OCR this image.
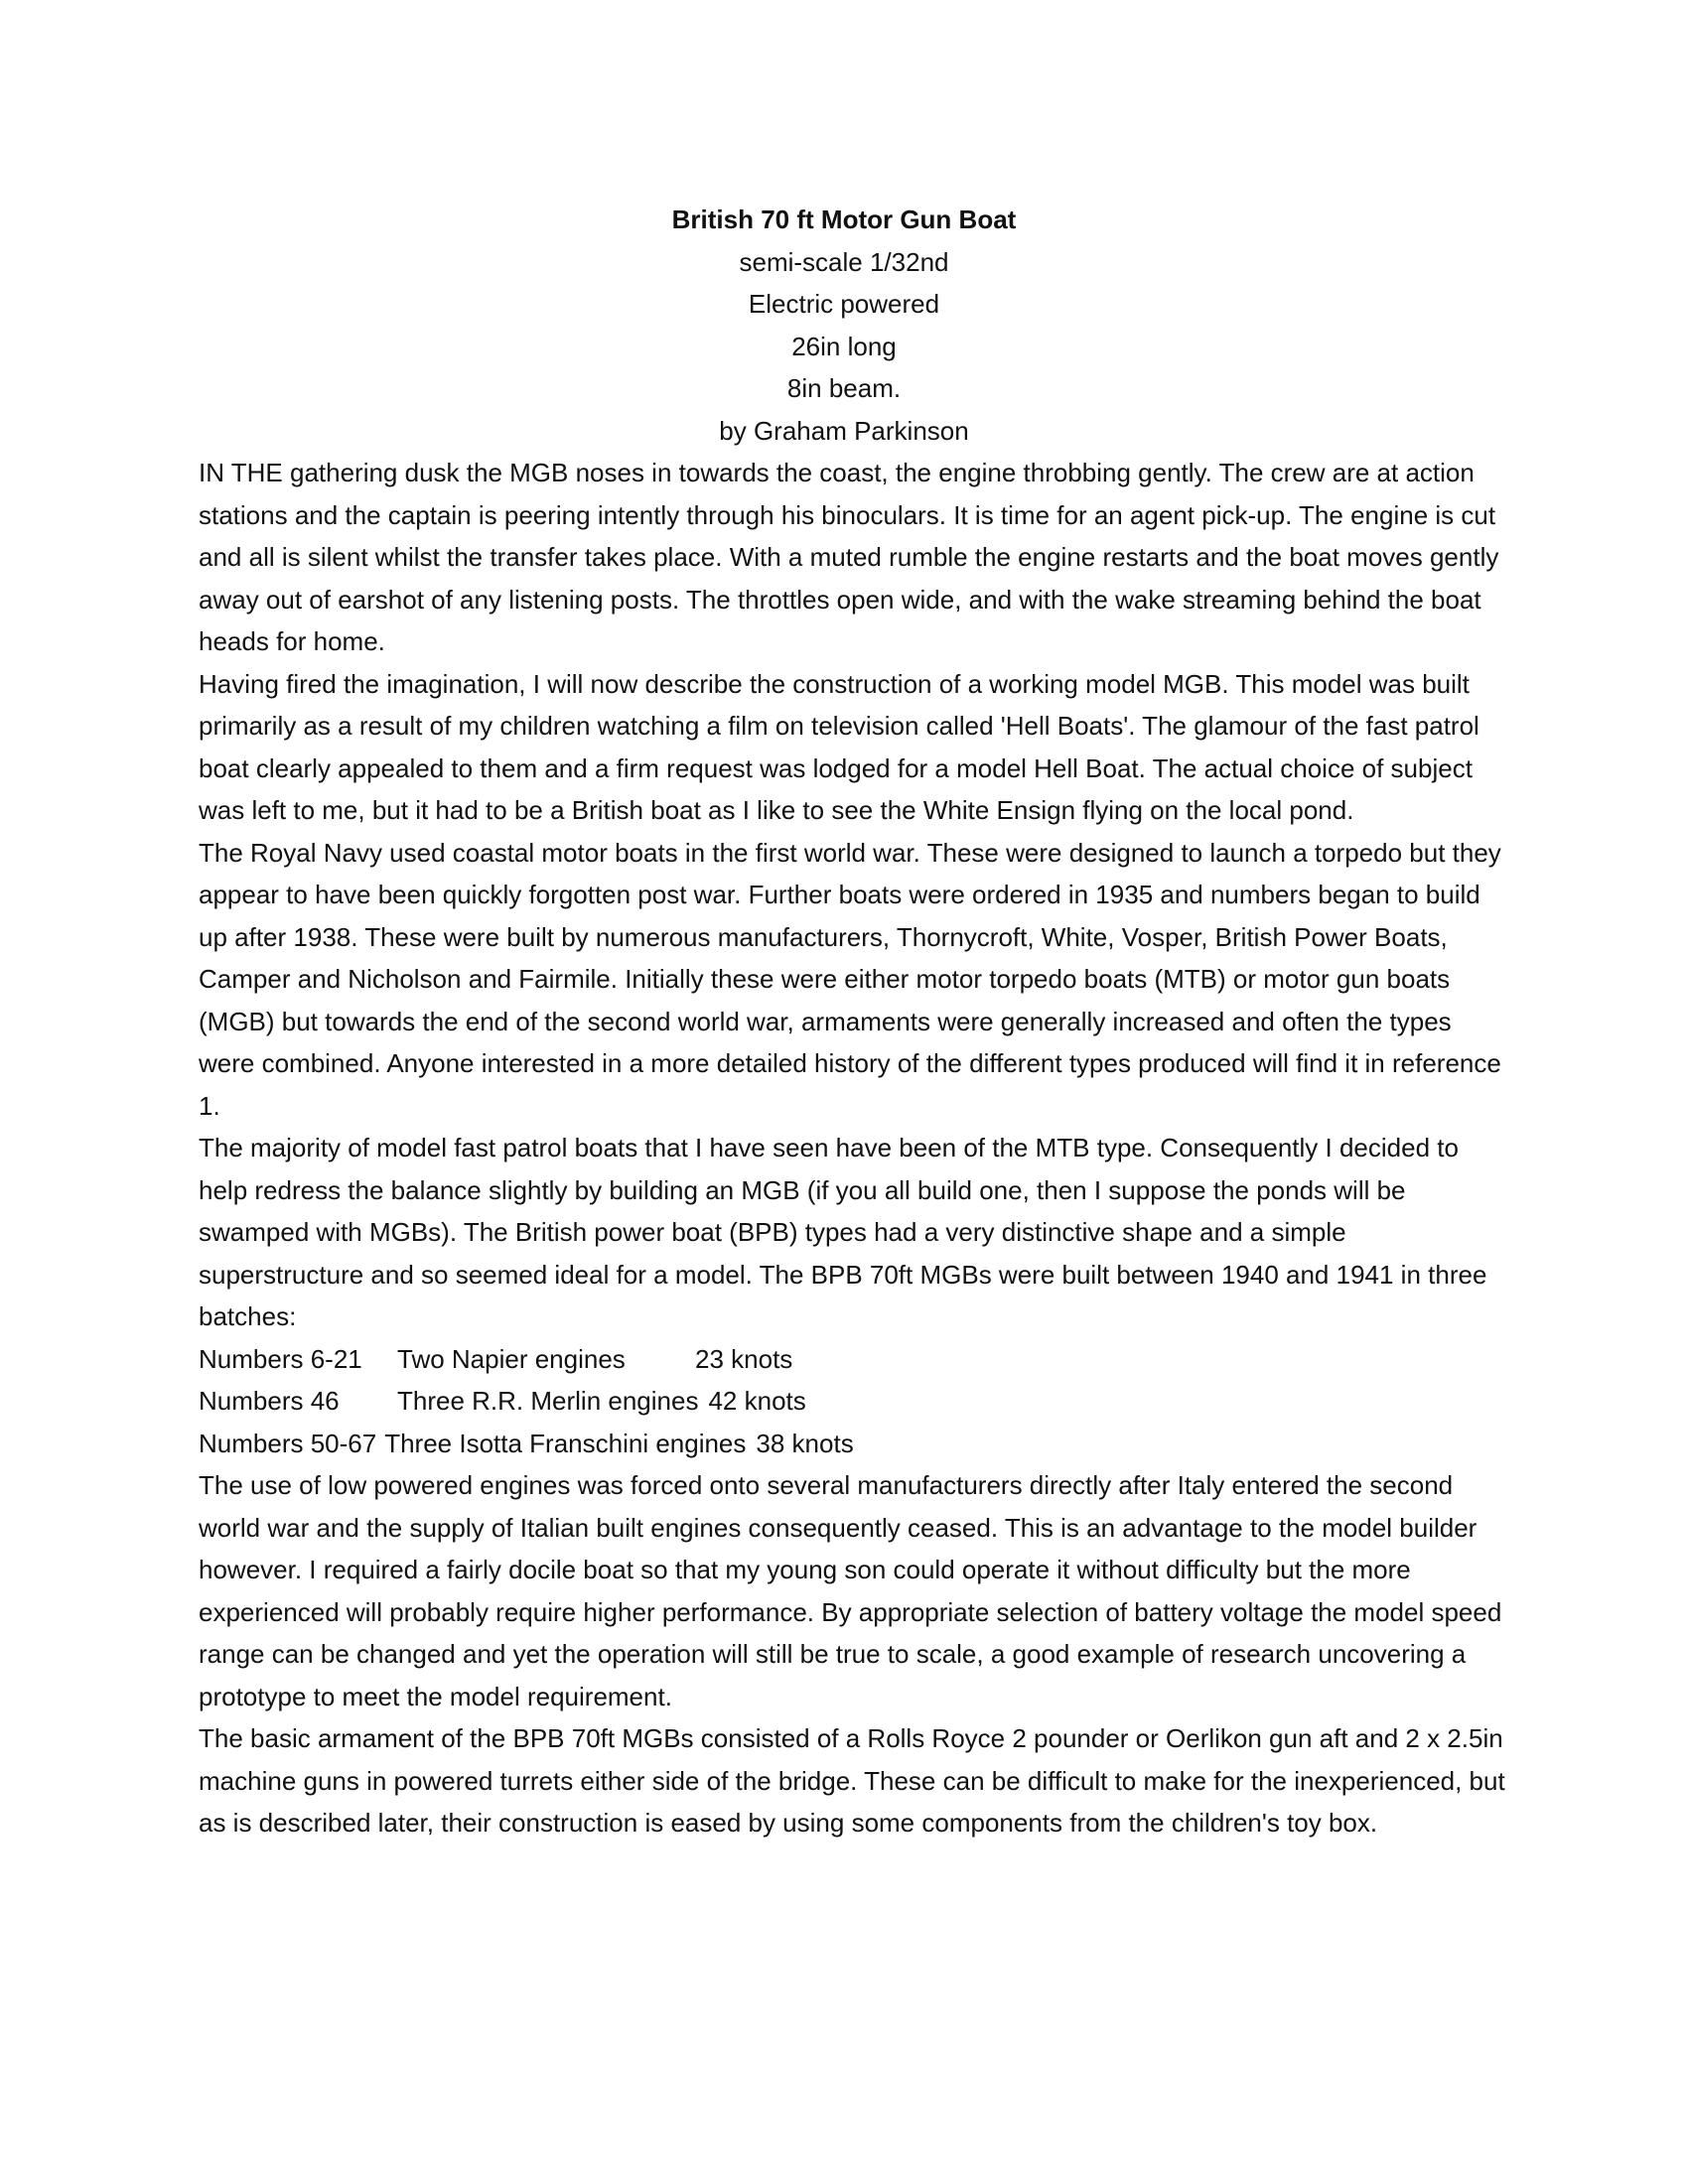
British 70 ft Motor Gun Boat
semi-scale 1/32nd
Electric powered
26in long
8in beam.
by Graham Parkinson

IN THE gathering dusk the MGB noses in towards the coast, the engine throbbing gently. The crew are at action stations and the captain is peering intently through his binoculars. It is time for an agent pick-up. The engine is cut and all is silent whilst the transfer takes place. With a muted rumble the engine restarts and the boat moves gently away out of earshot of any listening posts. The throttles open wide, and with the wake streaming behind the boat heads for home.

Having fired the imagination, I will now describe the construction of a working model MGB. This model was built primarily as a result of my children watching a film on television called 'Hell Boats'. The glamour of the fast patrol boat clearly appealed to them and a firm request was lodged for a model Hell Boat. The actual choice of subject was left to me, but it had to be a British boat as I like to see the White Ensign flying on the local pond.

The Royal Navy used coastal motor boats in the first world war. These were designed to launch a torpedo but they appear to have been quickly forgotten post war. Further boats were ordered in 1935 and numbers began to build up after 1938. These were built by numerous manufacturers, Thornycroft, White, Vosper, British Power Boats, Camper and Nicholson and Fairmile. Initially these were either motor torpedo boats (MTB) or motor gun boats (MGB) but towards the end of the second world war, armaments were generally increased and often the types were combined. Anyone interested in a more detailed history of the different types produced will find it in reference 1.

The majority of model fast patrol boats that I have seen have been of the MTB type. Consequently I decided to help redress the balance slightly by building an MGB (if you all build one, then I suppose the ponds will be swamped with MGBs). The British power boat (BPB) types had a very distinctive shape and a simple superstructure and so seemed ideal for a model. The BPB 70ft MGBs were built between 1940 and 1941 in three batches:

Numbers 6-21	Two Napier engines	23 knots
Numbers 46	Three R.R. Merlin engines 42 knots
Numbers 50-67 Three Isotta Franschini engines 38 knots

The use of low powered engines was forced onto several manufacturers directly after Italy entered the second world war and the supply of Italian built engines consequently ceased. This is an advantage to the model builder however. I required a fairly docile boat so that my young son could operate it without difficulty but the more experienced will probably require higher performance. By appropriate selection of battery voltage the model speed range can be changed and yet the operation will still be true to scale, a good example of research uncovering a prototype to meet the model requirement.

The basic armament of the BPB 70ft MGBs consisted of a Rolls Royce 2 pounder or Oerlikon gun aft and 2 x 2.5in machine guns in powered turrets either side of the bridge. These can be difficult to make for the inexperienced, but as is described later, their construction is eased by using some components from the children's toy box.
